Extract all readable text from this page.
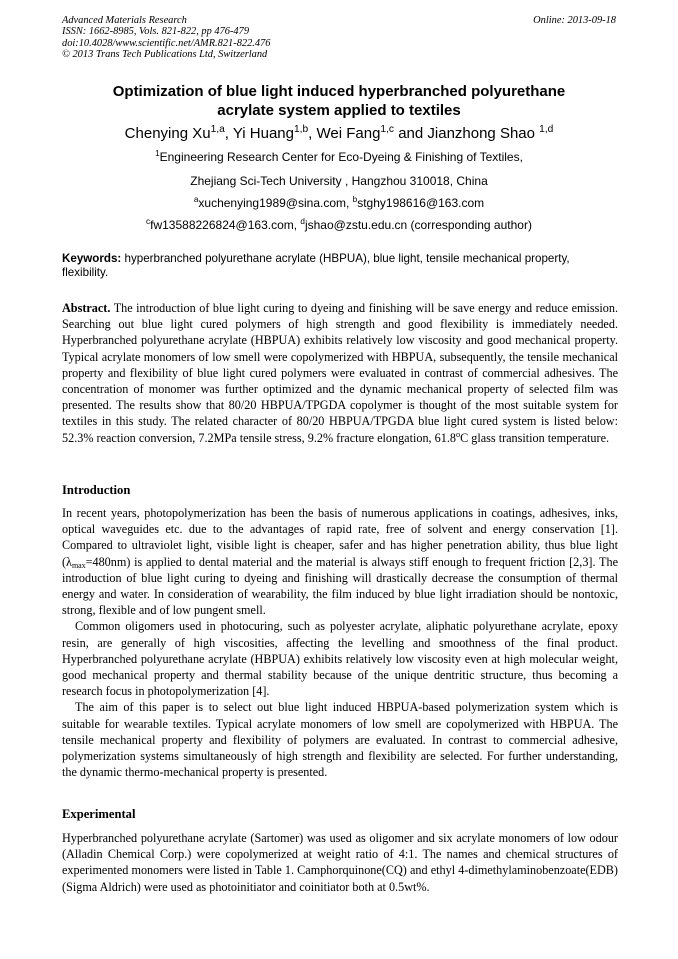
Advanced Materials Research
ISSN: 1662-8985, Vols. 821-822, pp 476-479
doi:10.4028/www.scientific.net/AMR.821-822.476
© 2013 Trans Tech Publications Ltd, Switzerland
Online: 2013-09-18
Optimization of blue light induced hyperbranched polyurethane
acrylate system applied to textiles
Chenying Xu$^{1,a}$, Yi Huang$^{1,b}$, Wei Fang$^{1,c}$ and Jianzhong Shao $^{1,d}$
$^1$Engineering Research Center for Eco-Dyeing & Finishing of Textiles,
Zhejiang Sci-Tech University , Hangzhou 310018, China
$^a$xuchenying1989@sina.com, $^b$stghy198616@163.com
$^c$fw13588226824@163.com, $^d$jshao@zstu.edu.cn (corresponding author)
Keywords: hyperbranched polyurethane acrylate (HBPUA), blue light, tensile mechanical property, flexibility.

Abstract. The introduction of blue light curing to dyeing and finishing will be save energy and reduce emission. Searching out blue light cured polymers of high strength and good flexibility is immediately needed. Hyperbranched polyurethane acrylate (HBPUA) exhibits relatively low viscosity and good mechanical property. Typical acrylate monomers of low smell were copolymerized with HBPUA, subsequently, the tensile mechanical property and flexibility of blue light cured polymers were evaluated in contrast of commercial adhesives. The concentration of monomer was further optimized and the dynamic mechanical property of selected film was presented. The results show that 80/20 HBPUA/TPGDA copolymer is thought of the most suitable system for textiles in this study. The related character of 80/20 HBPUA/TPGDA blue light cured system is listed below: 52.3% reaction conversion, 7.2MPa tensile stress, 9.2% fracture elongation, 61.8$^o$C glass transition temperature.

Introduction

In recent years, photopolymerization has been the basis of numerous applications in coatings, adhesives, inks, optical waveguides etc. due to the advantages of rapid rate, free of solvent and energy conservation [1]. Compared to ultraviolet light, visible light is cheaper, safer and has higher penetration ability, thus blue light $(\lambda_{max}=480nm)$ is applied to dental material and the material is always stiff enough to frequent friction [2,3]. The introduction of blue light curing to dyeing and finishing will drastically decrease the consumption of thermal energy and water. In consideration of wearability, the film induced by blue light irradiation should be nontoxic, strong, flexible and of low pungent smell.

Common oligomers used in photocuring, such as polyester acrylate, aliphatic polyurethane acrylate, epoxy resin, are generally of high viscosities, affecting the levelling and smoothness of the final product. Hyperbranched polyurethane acrylate (HBPUA) exhibits relatively low viscosity even at high molecular weight, good mechanical property and thermal stability because of the unique dentritic structure, thus becoming a research focus in photopolymerization [4].

The aim of this paper is to select out blue light induced HBPUA-based polymerization system which is suitable for wearable textiles. Typical acrylate monomers of low smell are copolymerized with HBPUA. The tensile mechanical property and flexibility of polymers are evaluated. In contrast to commercial adhesive, polymerization systems simultaneously of high strength and flexibility are selected. For further understanding, the dynamic thermo-mechanical property is presented.

Experimental

Hyperbranched polyurethane acrylate (Sartomer) was used as oligomer and six acrylate monomers of low odour (Alladin Chemical Corp.) were copolymerized at weight ratio of 4:1. The names and chemical structures of experimented monomers were listed in Table 1. Camphorquinone(CQ) and ethyl 4-dimethylaminobenzoate(EDB) (Sigma Aldrich) were used as photoinitiator and coinitiator both at 0.5wt%.
